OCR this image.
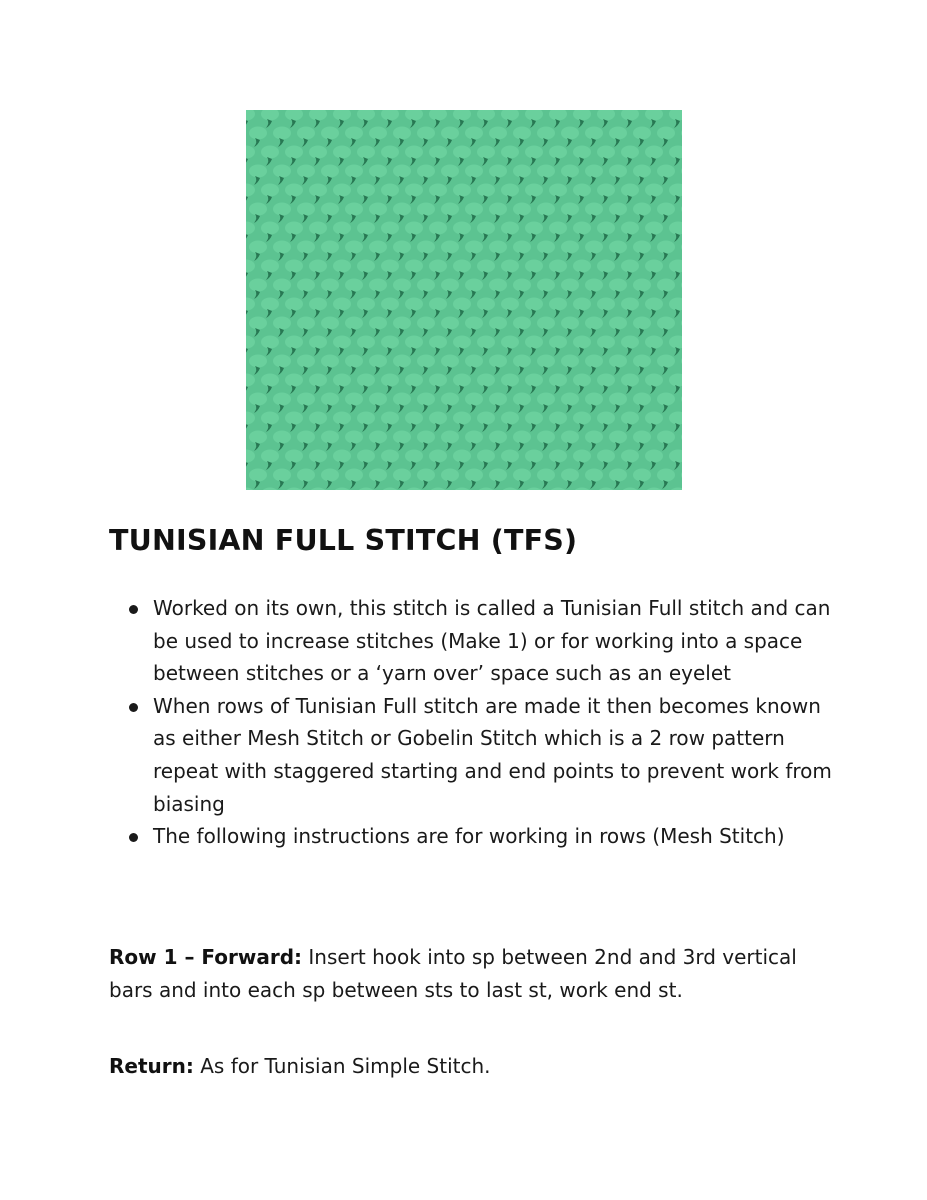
TUNISIAN FULL STITCH (TFS)
Worked on its own, this stitch is called a Tunisian Full stitch and can be used to increase stitches (Make 1) or for working into a space between stitches or a ‘yarn over’ space such as an eyelet
When rows of Tunisian Full stitch are made it then becomes known as either Mesh Stitch or Gobelin Stitch which is a 2 row pattern repeat with staggered starting and end points to prevent work from biasing
The following instructions are for working in rows (Mesh Stitch)

Row 1 – Forward: Insert hook into sp between 2nd and 3rd vertical bars and into each sp between sts to last st, work end st.

Return: As for Tunisian Simple Stitch.
